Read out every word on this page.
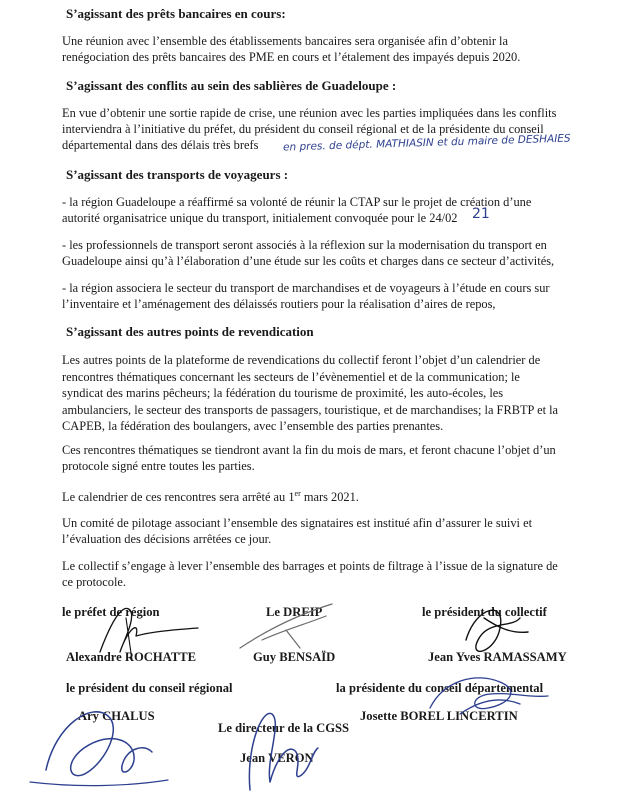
S’agissant des prêts bancaires en cours:

Une réunion avec l’ensemble des établissements bancaires sera organisée afin d’obtenir la
renégociation des prêts bancaires des PME en cours et l’étalement des impayés depuis 2020.

S’agissant des conflits au sein des sablières de Guadeloupe :

En vue d’obtenir une sortie rapide de crise, une réunion avec les parties impliquées dans les conflits
interviendra à l’initiative du préfet, du président du conseil régional et de la présidente du conseil
départemental dans des délais très brefs	en pres. de dépt. MATHIASIN et du maire de DESHAIES
S’agissant des transports de voyageurs :

- la région Guadeloupe a réaffirmé sa volonté de réunir la CTAP sur le projet de création d’une
autorité organisatrice unique du transport, initialement convoquée pour le 24/02	21

- les professionnels de transport seront associés à la réflexion sur la modernisation du transport en
Guadeloupe ainsi qu’à l’élaboration d’une étude sur les coûts et charges dans ce secteur d’activités,

- la région associera le secteur du transport de marchandises et de voyageurs à l’étude en cours sur
l’inventaire et l’aménagement des délaissés routiers pour la réalisation d’aires de repos,

S’agissant des autres points de revendication

Les autres points de la plateforme de revendications du collectif feront l’objet d’un calendrier de
rencontres thématiques concernant les secteurs de l’évènementiel et de la communication; le
syndicat des marins pêcheurs; la fédération du tourisme de proximité, les auto-écoles, les
ambulanciers, le secteur des transports de passagers, touristique, et de marchandises; la FRBTP et la
CAPEB, la fédération des boulangers, avec l’ensemble des parties prenantes.

Ces rencontres thématiques se tiendront avant la fin du mois de mars, et feront chacune l’objet d’un
protocole signé entre toutes les parties.

Le calendrier de ces rencontres sera arrêté au 1er mars 2021.

Un comité de pilotage associant l’ensemble des signataires est institué afin d’assurer le suivi et
l’évaluation des décisions arrêtées ce jour.

Le collectif s’engage à lever l’ensemble des barrages et points de filtrage à l’issue de la signature de
ce protocole.

le préfet de région
Alexandre ROCHATTE
Le DREIP
Guy BENSAÏD
le président du collectif
Jean Yves RAMASSAMY
le président du conseil régional
Ary CHALUS
la présidente du conseil départemental
Josette BOREL LINCERTIN
Le directeur de la CGSS
Jean VERON
